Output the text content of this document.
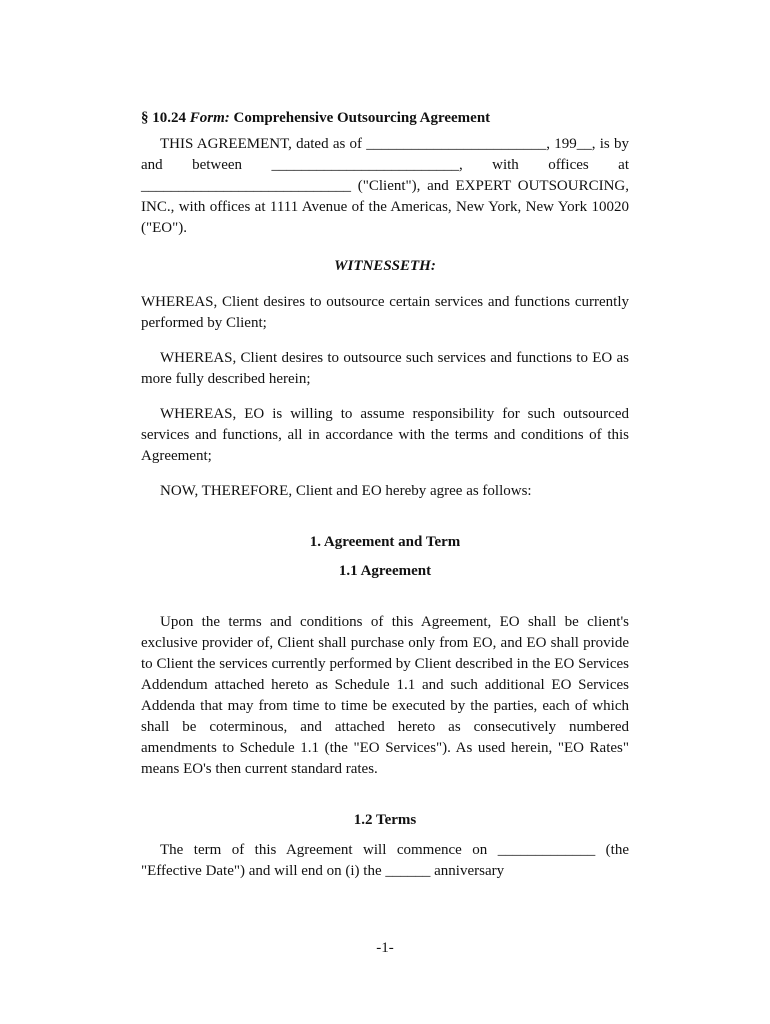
§ 10.24 Form: Comprehensive Outsourcing Agreement

THIS AGREEMENT, dated as of ________________________, 199__, is by and between _________________________, with offices at ____________________________ ("Client"), and EXPERT OUTSOURCING, INC., with offices at 1111 Avenue of the Americas, New York, New York 10020 ("EO").

WITNESSETH:

WHEREAS, Client desires to outsource certain services and functions currently performed by Client;

WHEREAS, Client desires to outsource such services and functions to EO as more fully described herein;

WHEREAS, EO is willing to assume responsibility for such outsourced services and functions, all in accordance with the terms and conditions of this Agreement;

NOW, THEREFORE, Client and EO hereby agree as follows:

1. Agreement and Term
1.1 Agreement

Upon the terms and conditions of this Agreement, EO shall be client's exclusive provider of, Client shall purchase only from EO, and EO shall provide to Client the services currently performed by Client described in the EO Services Addendum attached hereto as Schedule 1.1 and such additional EO Services Addenda that may from time to time be executed by the parties, each of which shall be coterminous, and attached hereto as consecutively numbered amendments to Schedule 1.1 (the "EO Services"). As used herein, "EO Rates" means EO's then current standard rates.

1.2 Terms

The term of this Agreement will commence on _____________ (the "Effective Date") and will end on (i) the ______ anniversary

-1-
